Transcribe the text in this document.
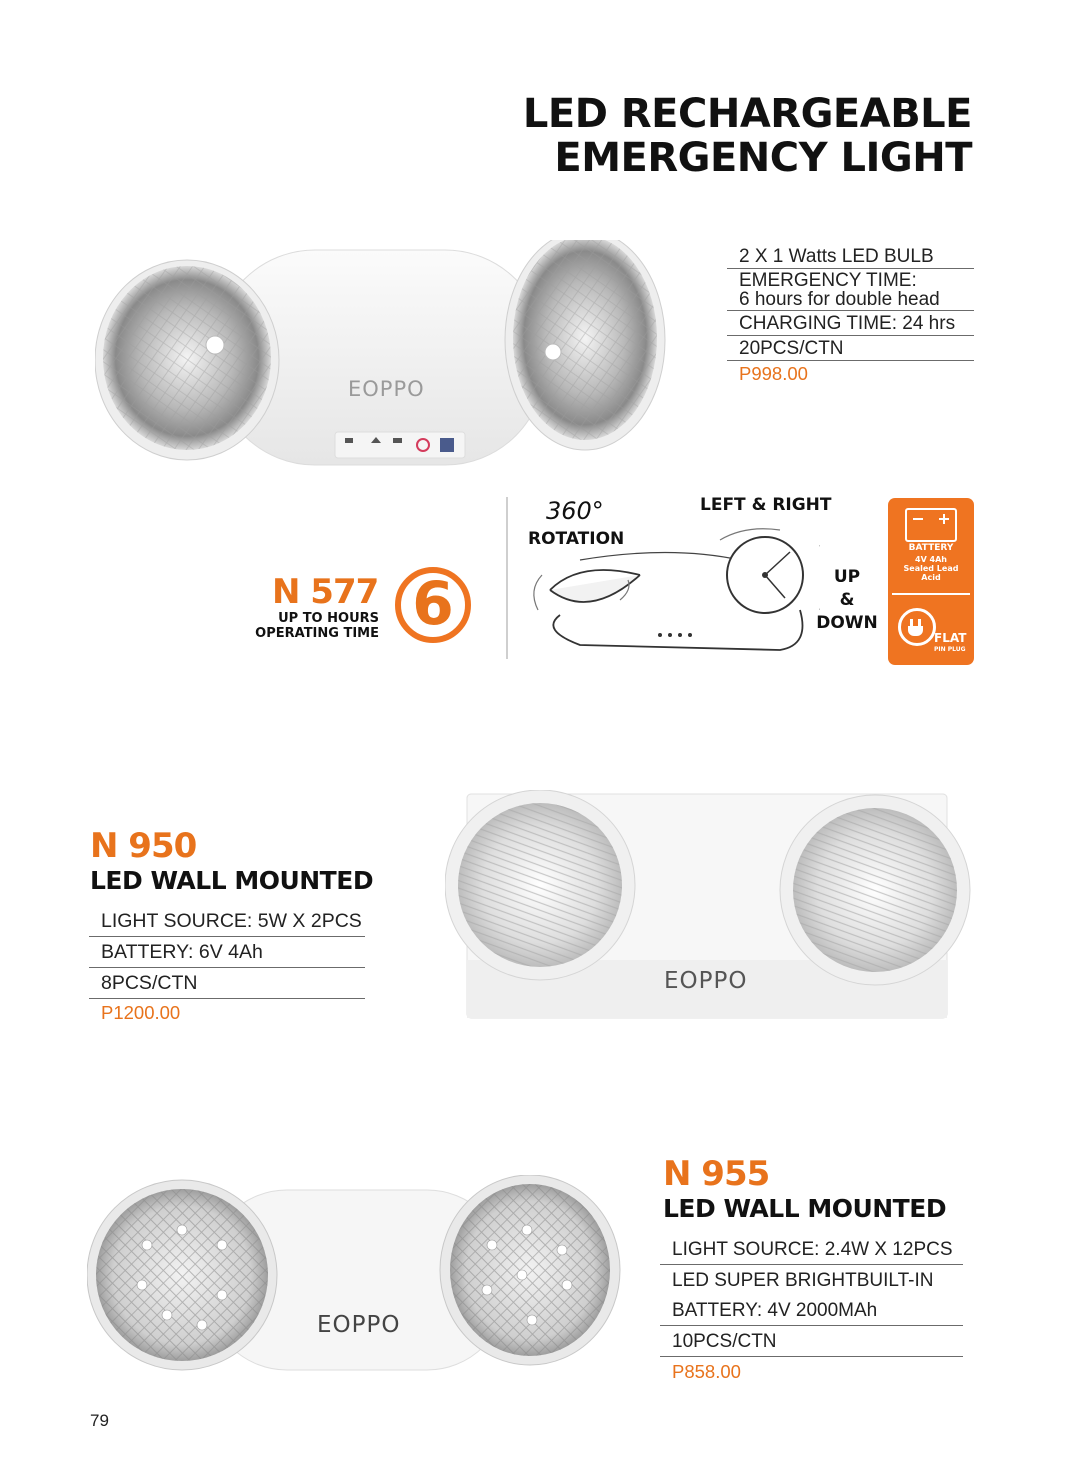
LED RECHARGEABLE
EMERGENCY LIGHT
EOPPO
2 X 1 Watts LED BULB
EMERGENCY TIME:
6 hours for double head
CHARGING TIME: 24 hrs
20PCS/CTN
P998.00
N 577
UP TO HOURS
OPERATING TIME 6
360°
ROTATION
LEFT & RIGHT
UP
&
DOWN
BATTERY
4V 4Ah
Sealed Lead
Acid
FLAT
PIN PLUG
N 950
LED WALL MOUNTED
LIGHT SOURCE: 5W X 2PCS
BATTERY: 6V 4Ah
8PCS/CTN
P1200.00
EOPPO
EOPPO
N 955
LED WALL MOUNTED
LIGHT SOURCE: 2.4W X 12PCS
LED SUPER BRIGHTBUILT-IN
BATTERY: 4V 2000MAh
10PCS/CTN
P858.00
79
